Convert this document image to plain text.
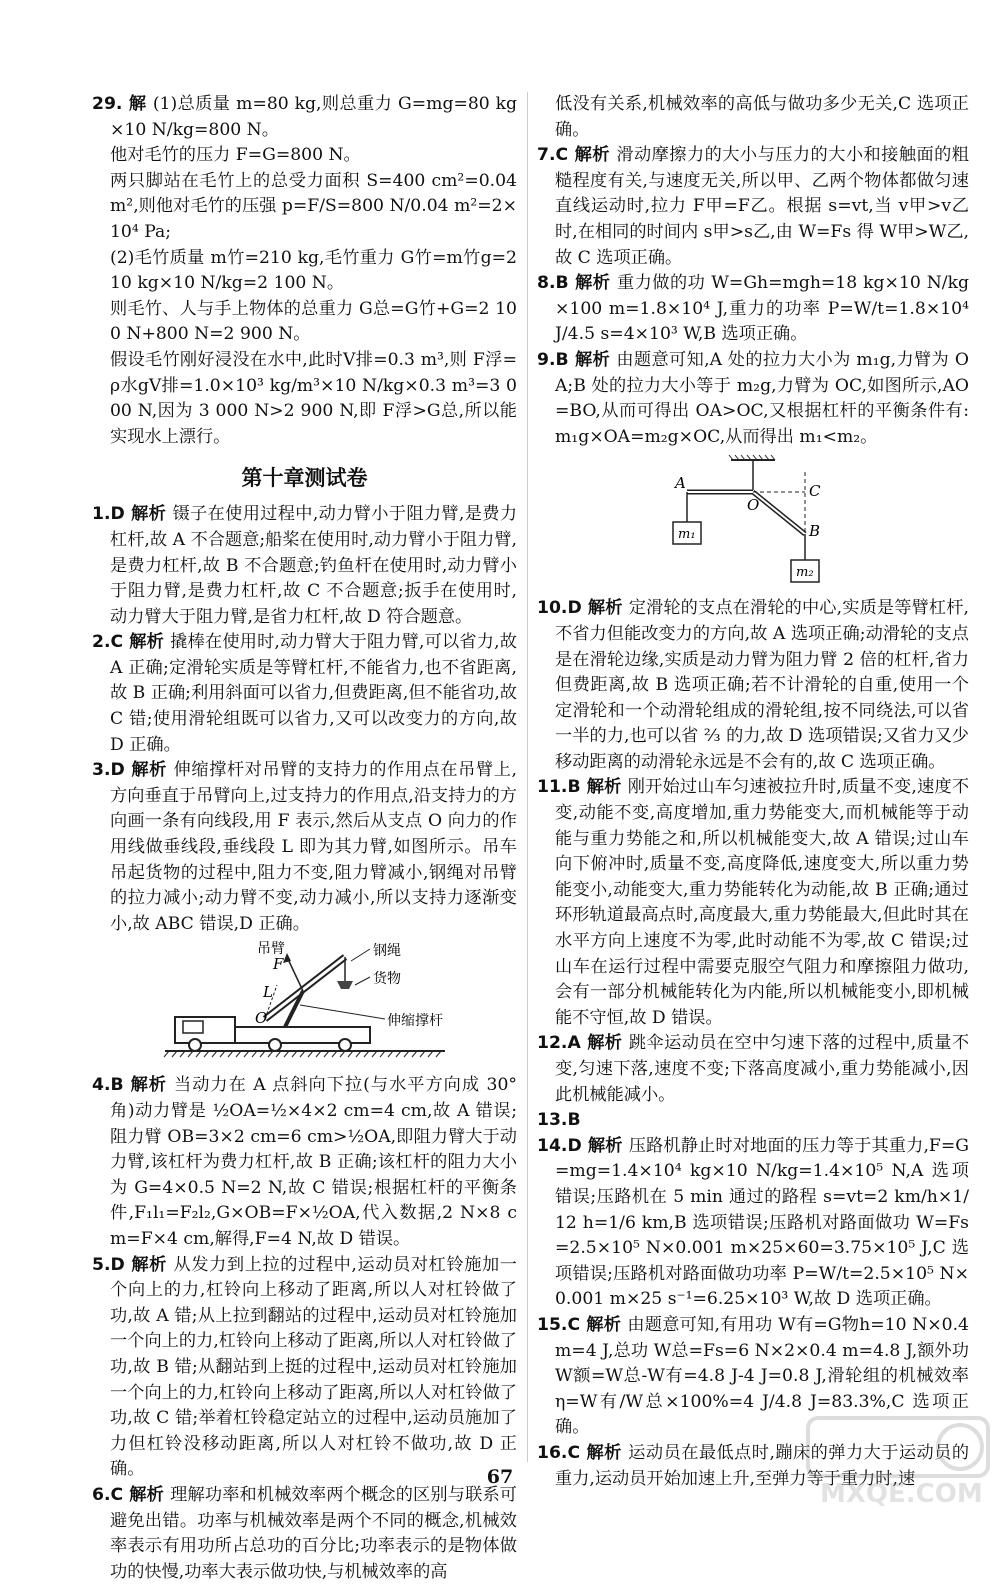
29. 解 (1)总质量 m=80 kg,则总重力 G=mg=80 kg×10 N/kg=800 N。

他对毛竹的压力 F=G=800 N。

两只脚站在毛竹上的总受力面积 S=400 cm²=0.04 m²,则他对毛竹的压强 p=F/S=800 N/0.04 m²=2×10⁴ Pa;

(2)毛竹质量 m竹=210 kg,毛竹重力 G竹=m竹g=210 kg×10 N/kg=2 100 N。

则毛竹、人与手上物体的总重力 G总=G竹+G=2 100 N+800 N=2 900 N。

假设毛竹刚好浸没在水中,此时V排=0.3 m³,则 F浮=ρ水gV排=1.0×10³ kg/m³×10 N/kg×0.3 m³=3 000 N,因为 3 000 N>2 900 N,即 F浮>G总,所以能实现水上漂行。

第十章测试卷

1.D 解析 镊子在使用过程中,动力臂小于阻力臂,是费力杠杆,故 A 不合题意;船桨在使用时,动力臂小于阻力臂,是费力杠杆,故 B 不合题意;钓鱼杆在使用时,动力臂小于阻力臂,是费力杠杆,故 C 不合题意;扳手在使用时,动力臂大于阻力臂,是省力杠杆,故 D 符合题意。

2.C 解析 撬棒在使用时,动力臂大于阻力臂,可以省力,故 A 正确;定滑轮实质是等臂杠杆,不能省力,也不省距离,故 B 正确;利用斜面可以省力,但费距离,但不能省功,故 C 错;使用滑轮组既可以省力,又可以改变力的方向,故 D 正确。

3.D 解析 伸缩撑杆对吊臂的支持力的作用点在吊臂上,方向垂直于吊臂向上,过支持力的作用点,沿支持力的方向画一条有向线段,用 F 表示,然后从支点 O 向力的作用线做垂线段,垂线段 L 即为其力臂,如图所示。吊车吊起货物的过程中,阻力不变,阻力臂减小,钢绳对吊臂的拉力减小;动力臂不变,动力减小,所以支持力逐渐变小,故 ABC 错误,D 正确。

吊臂	钢绳
货物
伸缩撑杆
F
L
O

4.B 解析 当动力在 A 点斜向下拉(与水平方向成 30°角)动力臂是 ½OA=½×4×2 cm=4 cm,故 A 错误;阻力臂 OB=3×2 cm=6 cm>½OA,即阻力臂大于动力臂,该杠杆为费力杠杆,故 B 正确;该杠杆的阻力大小为 G=4×0.5 N=2 N,故 C 错误;根据杠杆的平衡条件,F₁l₁=F₂l₂,G×OB=F×½OA,代入数据,2 N×8 cm=F×4 cm,解得,F=4 N,故 D 错误。

5.D 解析 从发力到上拉的过程中,运动员对杠铃施加一个向上的力,杠铃向上移动了距离,所以人对杠铃做了功,故 A 错;从上拉到翻站的过程中,运动员对杠铃施加一个向上的力,杠铃向上移动了距离,所以人对杠铃做了功,故 B 错;从翻站到上挺的过程中,运动员对杠铃施加一个向上的力,杠铃向上移动了距离,所以人对杠铃做了功,故 C 错;举着杠铃稳定站立的过程中,运动员施加了力但杠铃没移动距离,所以人对杠铃不做功,故 D 正确。

6.C 解析 理解功率和机械效率两个概念的区别与联系可避免出错。功率与机械效率是两个不同的概念,机械效率表示有用功所占总功的百分比;功率表示的是物体做功的快慢,功率大表示做功快,与机械效率的高

低没有关系,机械效率的高低与做功多少无关,C 选项正确。

7.C 解析 滑动摩擦力的大小与压力的大小和接触面的粗糙程度有关,与速度无关,所以甲、乙两个物体都做匀速直线运动时,拉力 F甲=F乙。根据 s=vt,当 v甲>v乙 时,在相同的时间内 s甲>s乙,由 W=Fs 得 W甲>W乙,故 C 选项正确。

8.B 解析 重力做的功 W=Gh=mgh=18 kg×10 N/kg×100 m=1.8×10⁴ J,重力的功率 P=W/t=1.8×10⁴ J/4.5 s=4×10³ W,B 选项正确。

9.B 解析 由题意可知,A 处的拉力大小为 m₁g,力臂为 OA;B 处的拉力大小等于 m₂g,力臂为 OC,如图所示,AO=BO,从而可得出 OA>OC,又根据杠杆的平衡条件有:m₁g×OA=m₂g×OC,从而得出 m₁<m₂。

A
O
C
B
m₁
m₂

10.D 解析 定滑轮的支点在滑轮的中心,实质是等臂杠杆,不省力但能改变力的方向,故 A 选项正确;动滑轮的支点是在滑轮边缘,实质是动力臂为阻力臂 2 倍的杠杆,省力但费距离,故 B 选项正确;若不计滑轮的自重,使用一个定滑轮和一个动滑轮组成的滑轮组,按不同绕法,可以省一半的力,也可以省 ⅔ 的力,故 D 选项错误;又省力又少移动距离的动滑轮永远是不会有的,故 C 选项正确。

11.B 解析 刚开始过山车匀速被拉升时,质量不变,速度不变,动能不变,高度增加,重力势能变大,而机械能等于动能与重力势能之和,所以机械能变大,故 A 错误;过山车向下俯冲时,质量不变,高度降低,速度变大,所以重力势能变小,动能变大,重力势能转化为动能,故 B 正确;通过环形轨道最高点时,高度最大,重力势能最大,但此时其在水平方向上速度不为零,此时动能不为零,故 C 错误;过山车在运行过程中需要克服空气阻力和摩擦阻力做功,会有一部分机械能转化为内能,所以机械能变小,即机械能不守恒,故 D 错误。

12.A 解析 跳伞运动员在空中匀速下落的过程中,质量不变,匀速下落,速度不变;下落高度减小,重力势能减小,因此机械能减小。

13.B

14.D 解析 压路机静止时对地面的压力等于其重力,F=G=mg=1.4×10⁴ kg×10 N/kg=1.4×10⁵ N,A 选项错误;压路机在 5 min 通过的路程 s=vt=2 km/h×1/12 h=1/6 km,B 选项错误;压路机对路面做功 W=Fs=2.5×10⁵ N×0.001 m×25×60=3.75×10⁵ J,C 选项错误;压路机对路面做功功率 P=W/t=2.5×10⁵ N×0.001 m×25 s⁻¹=6.25×10³ W,故 D 选项正确。

15.C 解析 由题意可知,有用功 W有=G物h=10 N×0.4 m=4 J,总功 W总=Fs=6 N×2×0.4 m=4.8 J,额外功 W额=W总-W有=4.8 J-4 J=0.8 J,滑轮组的机械效率 η=W有/W总×100%=4 J/4.8 J=83.3%,C 选项正确。

16.C 解析 运动员在最低点时,蹦床的弹力大于运动员的重力,运动员开始加速上升,至弹力等于重力时,速

67
MXQE.COM
